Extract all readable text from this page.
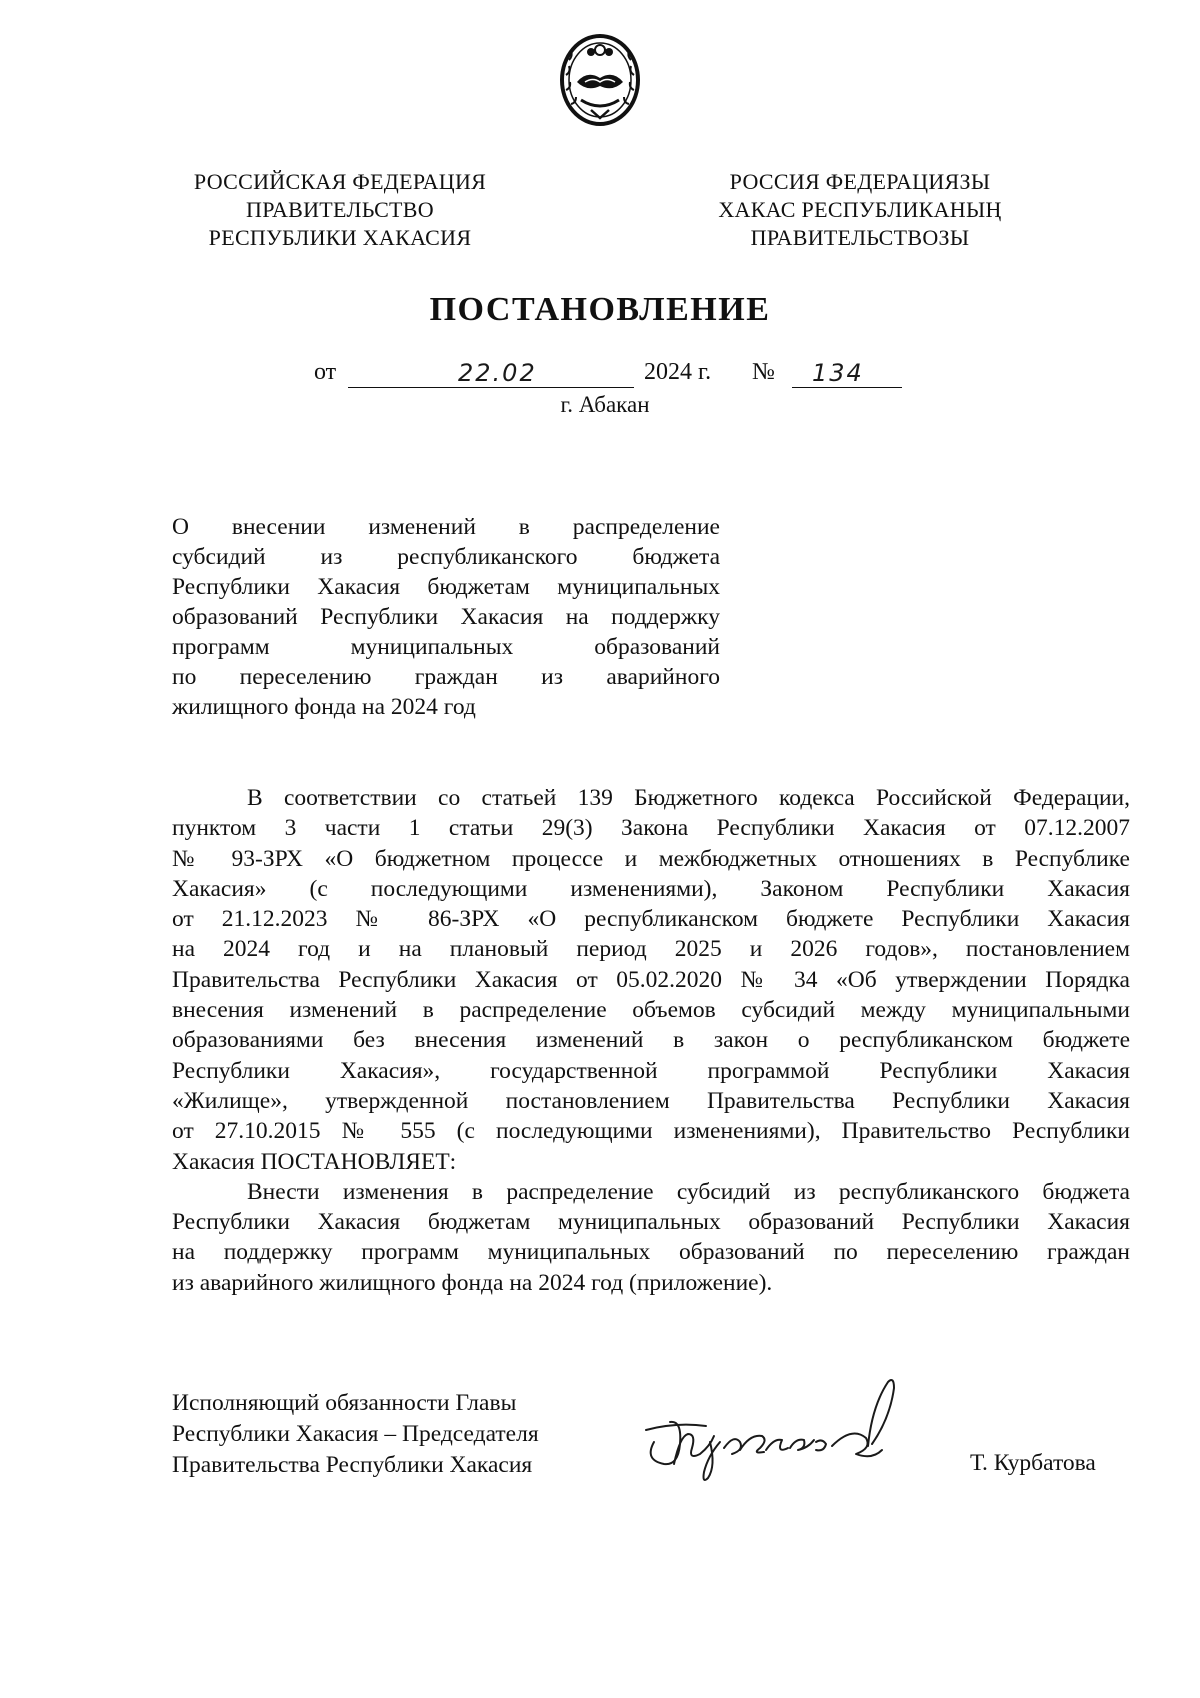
РОССИЙСКАЯ ФЕДЕРАЦИЯ
ПРАВИТЕЛЬСТВО
РЕСПУБЛИКИ ХАКАСИЯ
РОССИЯ ФЕДЕРАЦИЯЗЫ
ХАКАС РЕСПУБЛИКАНЫҢ
ПРАВИТЕЛЬСТВОЗЫ
ПОСТАНОВЛЕНИЕ
от	22.02	2024 г. № 134
г. Абакан
О внесении изменений в распределение
субсидий из республиканского бюджета
Республики Хакасия бюджетам муниципальных
образований Республики Хакасия на поддержку
программ муниципальных образований
по переселению граждан из аварийного
жилищного фонда на 2024 год
В соответствии со статьей 139 Бюджетного кодекса Российской Федерации,
пунктом 3 части 1 статьи 29(3) Закона Республики Хакасия от 07.12.2007
№ 93-ЗРХ «О бюджетном процессе и межбюджетных отношениях в Республике
Хакасия» (с последующими изменениями), Законом Республики Хакасия
от 21.12.2023 № 86-ЗРХ «О республиканском бюджете Республики Хакасия
на 2024 год и на плановый период 2025 и 2026 годов», постановлением
Правительства Республики Хакасия от 05.02.2020 № 34 «Об утверждении Порядка
внесения изменений в распределение объемов субсидий между муниципальными
образованиями без внесения изменений в закон о республиканском бюджете
Республики Хакасия», государственной программой Республики Хакасия
«Жилище», утвержденной постановлением Правительства Республики Хакасия
от 27.10.2015 № 555 (с последующими изменениями), Правительство Республики
Хакасия ПОСТАНОВЛЯЕТ:
Внести изменения в распределение субсидий из республиканского бюджета
Республики Хакасия бюджетам муниципальных образований Республики Хакасия
на поддержку программ муниципальных образований по переселению граждан
из аварийного жилищного фонда на 2024 год (приложение).
Исполняющий обязанности Главы
Республики Хакасия – Председателя
Правительства Республики Хакасия	Т. Курбатова
